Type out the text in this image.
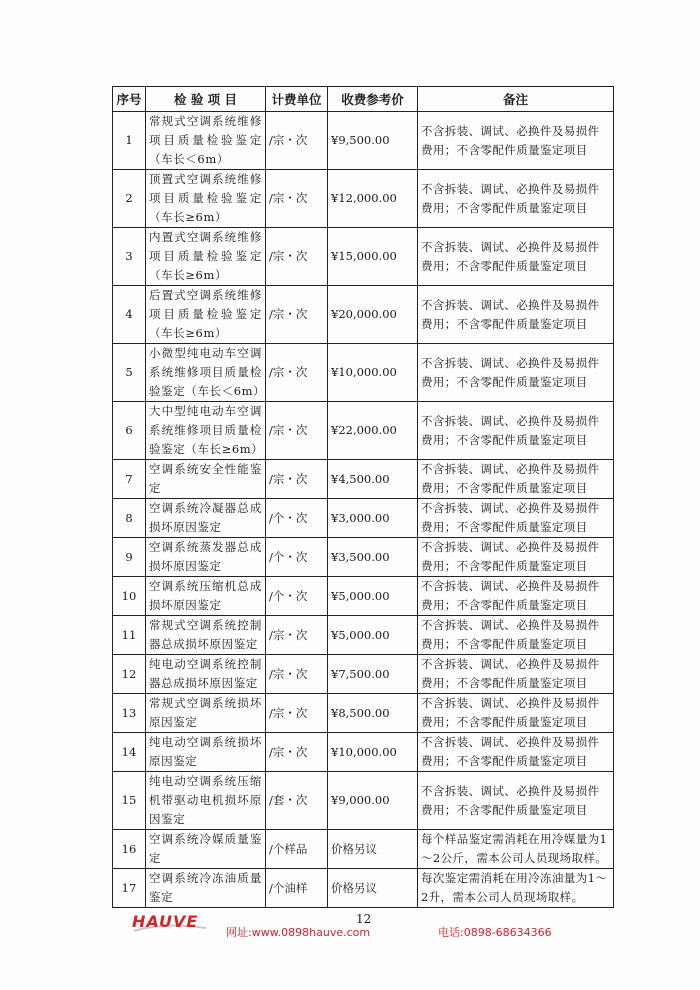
序号	检 验 项 目	计费单位	收费参考价	备注
1	常规式空调系统维修项目质量检验鉴定（车长＜6m）	/宗・次	¥9,500.00	不含拆装、调试、必换件及易损件费用；不含零配件质量鉴定项目
2	顶置式空调系统维修项目质量检验鉴定（车长≥6m）	/宗・次	¥12,000.00	不含拆装、调试、必换件及易损件费用；不含零配件质量鉴定项目
3	内置式空调系统维修项目质量检验鉴定（车长≥6m）	/宗・次	¥15,000.00	不含拆装、调试、必换件及易损件费用；不含零配件质量鉴定项目
4	后置式空调系统维修项目质量检验鉴定（车长≥6m）	/宗・次	¥20,000.00	不含拆装、调试、必换件及易损件费用；不含零配件质量鉴定项目
5	小微型纯电动车空调系统维修项目质量检验鉴定（车长＜6m）	/宗・次	¥10,000.00	不含拆装、调试、必换件及易损件费用；不含零配件质量鉴定项目
6	大中型纯电动车空调系统维修项目质量检验鉴定（车长≥6m）	/宗・次	¥22,000.00	不含拆装、调试、必换件及易损件费用；不含零配件质量鉴定项目
7	空调系统安全性能鉴定	/宗・次	¥4,500.00	不含拆装、调试、必换件及易损件费用；不含零配件质量鉴定项目
8	空调系统冷凝器总成损坏原因鉴定	/个・次	¥3,000.00	不含拆装、调试、必换件及易损件费用；不含零配件质量鉴定项目
9	空调系统蒸发器总成损坏原因鉴定	/个・次	¥3,500.00	不含拆装、调试、必换件及易损件费用；不含零配件质量鉴定项目
10	空调系统压缩机总成损坏原因鉴定	/个・次	¥5,000.00	不含拆装、调试、必换件及易损件费用；不含零配件质量鉴定项目
11	常规式空调系统控制器总成损坏原因鉴定	/宗・次	¥5,000.00	不含拆装、调试、必换件及易损件费用；不含零配件质量鉴定项目
12	纯电动空调系统控制器总成损坏原因鉴定	/宗・次	¥7,500.00	不含拆装、调试、必换件及易损件费用；不含零配件质量鉴定项目
13	常规式空调系统损坏原因鉴定	/宗・次	¥8,500.00	不含拆装、调试、必换件及易损件费用；不含零配件质量鉴定项目
14	纯电动空调系统损坏原因鉴定	/宗・次	¥10,000.00	不含拆装、调试、必换件及易损件费用；不含零配件质量鉴定项目
15	纯电动空调系统压缩机带驱动电机损坏原因鉴定	/套・次	¥9,000.00	不含拆装、调试、必换件及易损件费用；不含零配件质量鉴定项目
16	空调系统冷媒质量鉴定	/个样品	价格另议	每个样品鉴定需消耗在用冷媒量为1～2公斤，需本公司人员现场取样。
17	空调系统冷冻油质量鉴定	/个油样	价格另议	每次鉴定需消耗在用冷冻油量为1～2升，需本公司人员现场取样。
HAUVE
网址:www.0898hauve.com
12
电话:0898-68634366
